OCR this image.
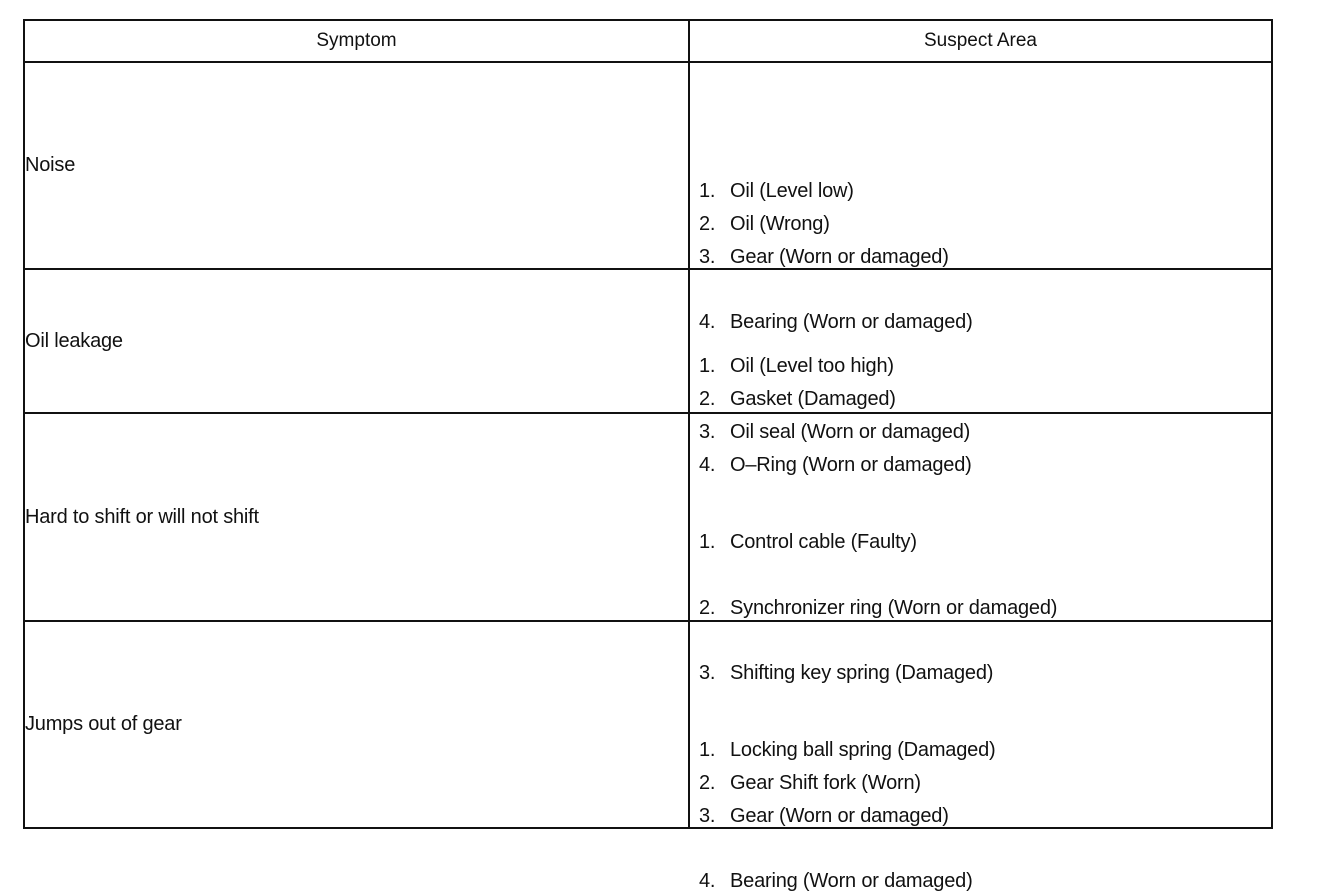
Symptom	Suspect Area
Noise	1. Oil (Level low)
2. Oil (Wrong)
3. Gear (Worn or damaged)
4. Bearing (Worn or damaged)

Oil leakage	1. Oil (Level too high)
2. Gasket (Damaged)
3. Oil seal (Worn or damaged)
4. O–Ring (Worn or damaged)

Hard to shift or will not shift	1. Control cable (Faulty)
2. Synchronizer ring (Worn or damaged)
3. Shifting key spring (Damaged)

Jumps out of gear	1. Locking ball spring (Damaged)
2. Gear Shift fork (Worn)
3. Gear (Worn or damaged)
4. Bearing (Worn or damaged)
